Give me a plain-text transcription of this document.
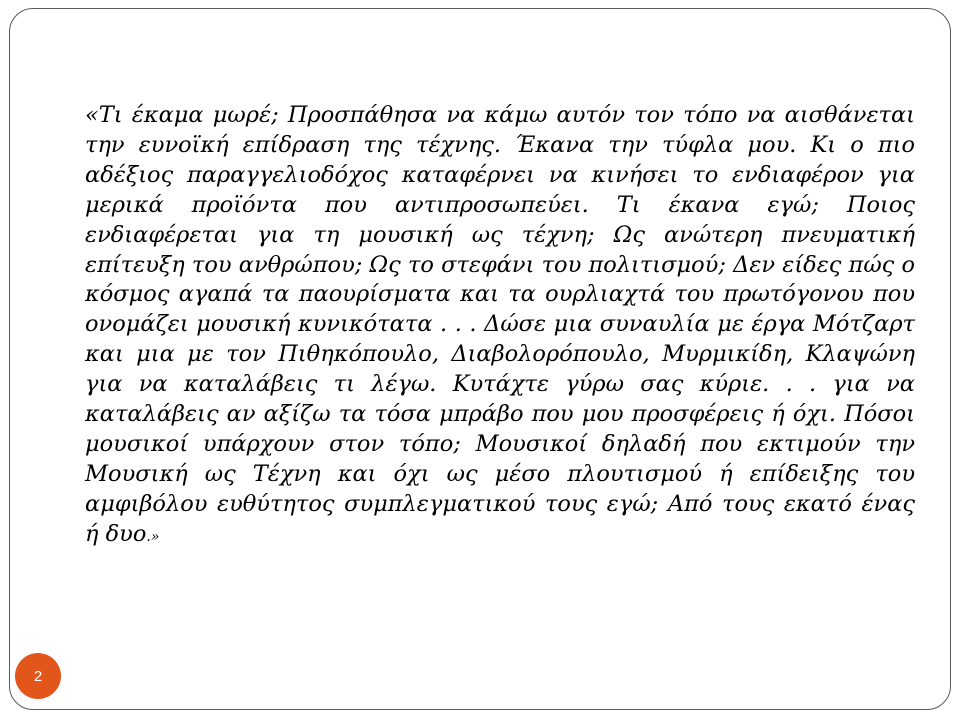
«Τι έκαμα μωρέ; Προσπάθησα να κάμω αυτόν τον τόπο να αισθάνεται την ευνοϊκή επίδραση της τέχνης. Έκανα την τύφλα μου. Κι ο πιο αδέξιος παραγγελιοδόχος καταφέρνει να κινήσει το ενδιαφέρον για μερικά προϊόντα που αντιπροσωπεύει. Τι έκανα εγώ; Ποιος ενδιαφέρεται για τη μουσική ως τέχνη; Ως ανώτερη πνευματική επίτευξη του ανθρώπου; Ως το στεφάνι του πολιτισμού; Δεν είδες πώς ο κόσμος αγαπά τα παουρίσματα και τα ουρλιαχτά του πρωτόγονου που ονομάζει μουσική κυνικότατα . . . Δώσε μια συναυλία με έργα Μότζαρτ και μια με τον Πιθηκόπουλο, Διαβολορόπουλο, Μυρμικίδη, Κλαψώνη για να καταλάβεις τι λέγω. Κυτάχτε γύρω σας κύριε. . . για να καταλάβεις αν αξίζω τα τόσα μπράβο που μου προσφέρεις ή όχι. Πόσοι μουσικοί υπάρχουν στον τόπο; Μουσικοί δηλαδή που εκτιμούν την Μουσική ως Τέχνη και όχι ως μέσο πλουτισμού ή επίδειξης του αμφιβόλου ευθύτητος συμπλεγματικού τους εγώ; Από τους εκατό ένας ή δυο.»

2
